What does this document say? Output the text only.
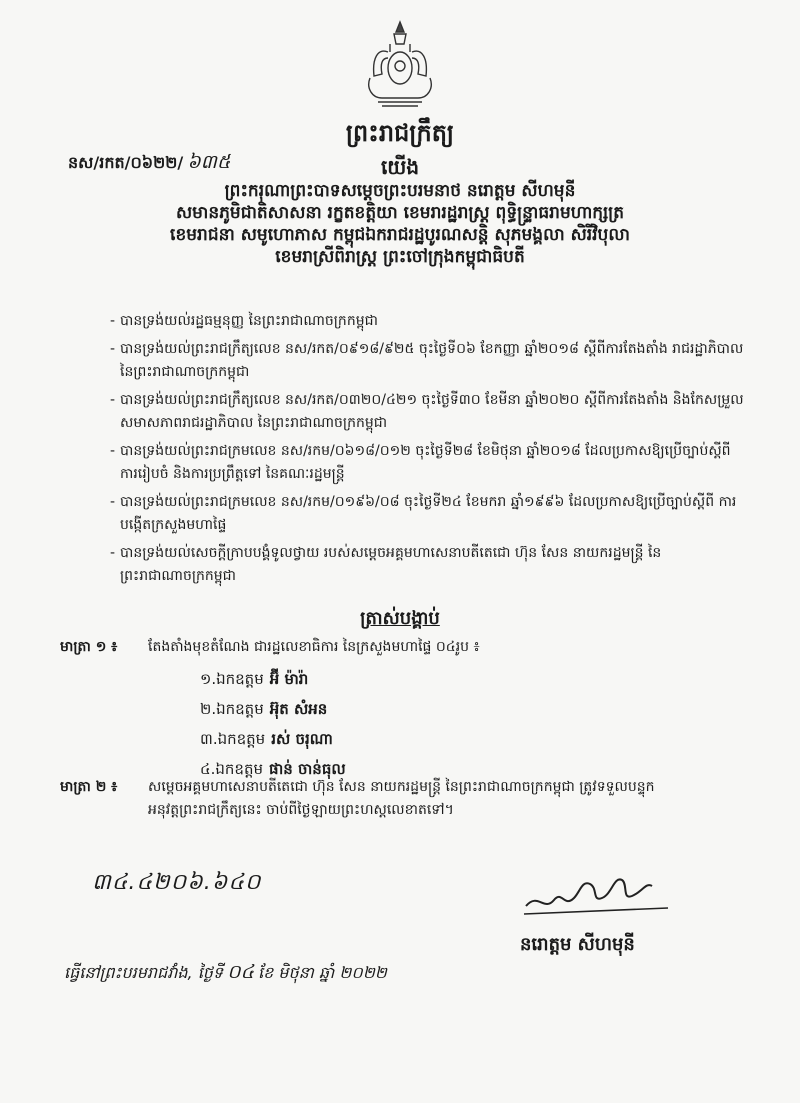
ព្រះរាជក្រឹត្យ
នស/រកត/០៦២២/ ៦៣៥	យើង
ព្រះករុណាព្រះបាទសម្ដេចព្រះបរមនាថ នរោត្ដម សីហមុនី
សមានភូមិជាតិសាសនា រក្ខតខត្តិយា ខេមរារដ្ឋរាស្ដ្រ ពុទ្ធិន្ទ្រាធរាមហាក្សត្រ
ខេមរាជនា សមូហោភាស កម្ពុជឯករាជរដ្ឋបូរណសន្ដិ សុភមង្គលា សិរីវិបុលា
ខេមរាស្រីពិរាស្ដ្រ ព្រះចៅក្រុងកម្ពុជាធិបតី
- បានទ្រង់យល់រដ្ឋធម្មនុញ្ញ នៃព្រះរាជាណាចក្រកម្ពុជា
- បានទ្រង់យល់ព្រះរាជក្រឹត្យលេខ នស/រកត/០៩១៨/៩២៥ ចុះថ្ងៃទី០៦ ខែកញ្ញា ឆ្នាំ២០១៨ ស្ដីពីការតែងតាំង រាជរដ្ឋាភិបាល នៃព្រះរាជាណាចក្រកម្ពុជា
- បានទ្រង់យល់ព្រះរាជក្រឹត្យលេខ នស/រកត/០៣២០/៤២១ ចុះថ្ងៃទី៣០ ខែមីនា ឆ្នាំ២០២០ ស្ដីពីការតែងតាំង និងកែសម្រួល សមាសភាពរាជរដ្ឋាភិបាល នៃព្រះរាជាណាចក្រកម្ពុជា
- បានទ្រង់យល់ព្រះរាជក្រមលេខ នស/រកម/០៦១៨/០១២ ចុះថ្ងៃទី២៨ ខែមិថុនា ឆ្នាំ២០១៨ ដែលប្រកាសឱ្យប្រើច្បាប់ស្ដីពី ការរៀបចំ និងការប្រព្រឹត្ដទៅ នៃគណៈរដ្ឋមន្ដ្រី
- បានទ្រង់យល់ព្រះរាជក្រមលេខ នស/រកម/០១៩៦/០៨ ចុះថ្ងៃទី២៤ ខែមករា ឆ្នាំ១៩៩៦ ដែលប្រកាសឱ្យប្រើច្បាប់ស្ដីពី ការបង្កើតក្រសួងមហាផ្ទៃ
- បានទ្រង់យល់សេចក្ដីក្រាបបង្គំទូលថ្វាយ របស់សម្ដេចអគ្គមហាសេនាបតីតេជោ ហ៊ុន សែន នាយករដ្ឋមន្ដ្រី នៃ ព្រះរាជាណាចក្រកម្ពុជា
ត្រាស់បង្គាប់
មាត្រា ១ ៖ តែងតាំងមុខតំណែង ជារដ្ឋលេខាធិការ នៃក្រសួងមហាផ្ទៃ ០៤រូប ៖
១.ឯកឧត្ដម អ៊ី ម៉ារ៉ា
២.ឯកឧត្ដម អ៊ុត សំអន
៣.ឯកឧត្ដម រស់ ចរុណា
៤.ឯកឧត្ដម ផាន់ ចាន់ធុល
មាត្រា ២ ៖ សម្ដេចអគ្គមហាសេនាបតីតេជោ ហ៊ុន សែន នាយករដ្ឋមន្ដ្រី នៃព្រះរាជាណាចក្រកម្ពុជា ត្រូវទទួលបន្ទុក
អនុវត្ដព្រះរាជក្រឹត្យនេះ ចាប់ពីថ្ងៃឡាយព្រះហស្ដលេខាតទៅ។
៣៤.៤២០៦.៦៤០
នរោត្ដម សីហមុនី
ធ្វើនៅព្រះបរមរាជវាំង, ថ្ងៃទី ០៤ ខែ មិថុនា ឆ្នាំ ២០២២
